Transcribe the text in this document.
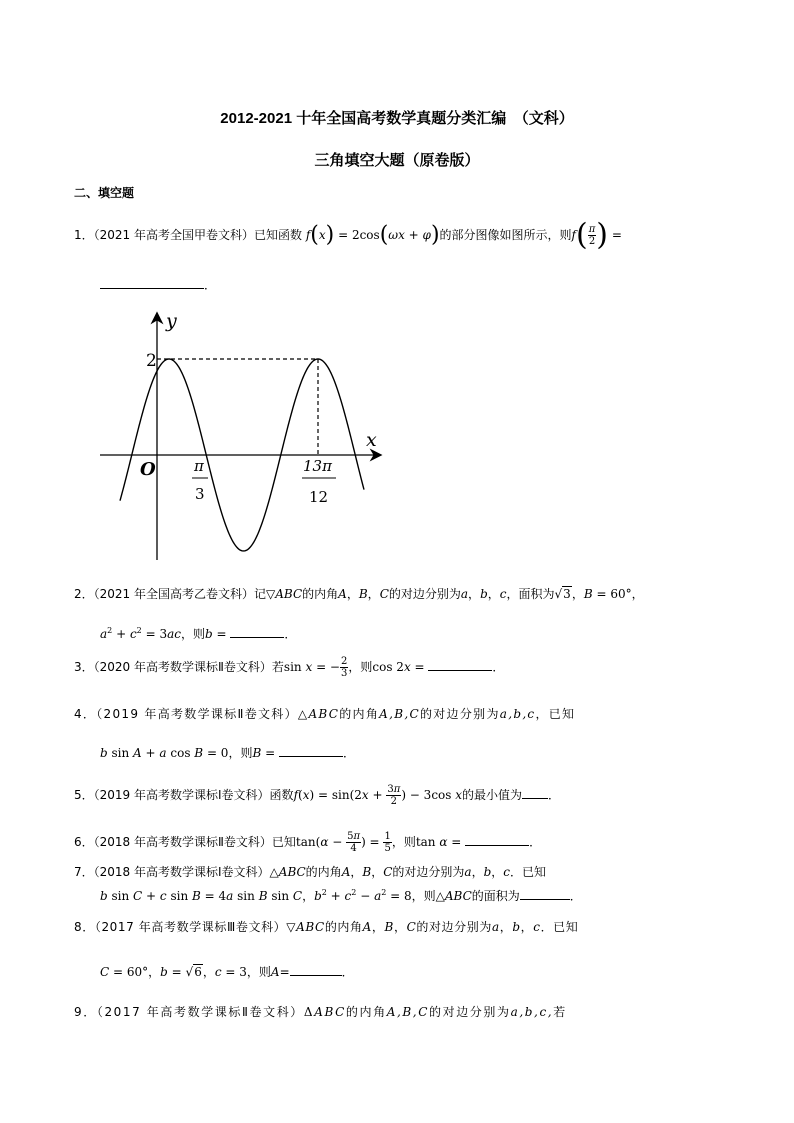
2012-2021 十年全国高考数学真题分类汇编　（文科）
三角填空大题（原卷版）
二、填空题
1．（2021 年高考全国甲卷文科）已知函数 f(x) = 2cos(ωx + φ)的部分图像如图所示，则$f( \frac{\pi}{2}$ ) =
．
y
x
O
2
π
3
13π
12
2．（2021 年全国高考乙卷文科）记▽ABC的内角A，B，C的对边分别为a，b，c，面积为√3，B = 60°，
$a^2 + c^2 = 3ac$，则b =	．
3．（2020 年高考数学课标Ⅱ卷文科）若sin x = − $\frac{2}{3}$ ，则cos 2x =	．
4．（2019 年高考数学课标Ⅱ卷文科）△ABC的内角A,B,C的对边分别为a,b,c，已知
b sin A + a cos B = 0，则B =	．
5．（2019 年高考数学课标Ⅰ卷文科）函数$f(x) = \sin(2x + \frac{3\pi}{2}$ ) − 3cos x的最小值为 ．
6．（2018 年高考数学课标Ⅱ卷文科）已知$\tan(\alpha - \frac{5\pi}{4}$ ) = $\frac{1}{5}$ ，则tan α =	．
7．（2018 年高考数学课标Ⅰ卷文科）△ABC的内角A，B，C的对边分别为a，b，c．已知
b sin C + c sin B = 4a sin B sin C，$b^2 + c^2 - a^2 = 8$，则△ABC的面积为	．
8．（2017 年高考数学课标Ⅲ卷文科）▽ABC的内角A，B，C的对边分别为a，b，c．已知
C = 60°，b = √6，c = 3，则A=	．
9．（2017 年高考数学课标Ⅱ卷文科）ΔABC的内角A,B,C的对边分别为a,b,c,若
